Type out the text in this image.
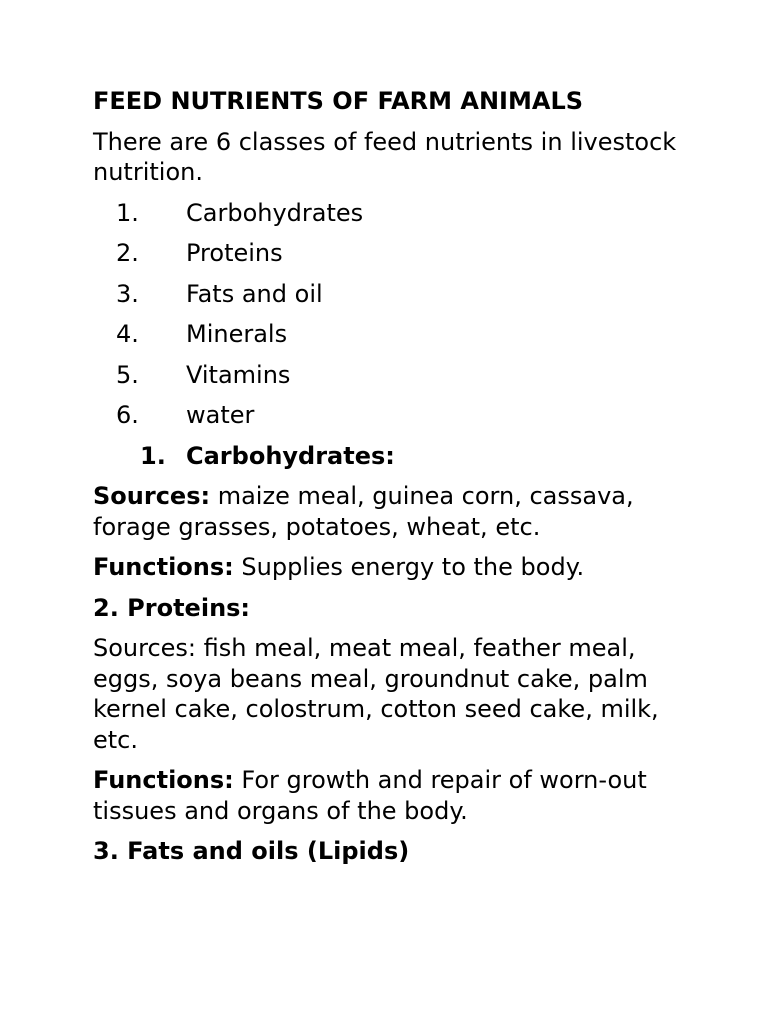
FEED NUTRIENTS OF FARM ANIMALS

There are 6 classes of feed nutrients in livestock nutrition.

1.	Carbohydrates
2.	Proteins
3.	Fats and oil
4.	Minerals
5.	Vitamins
6.	water
1. Carbohydrates:

Sources: maize meal, guinea corn, cassava, forage grasses, potatoes, wheat, etc.

Functions: Supplies energy to the body.

2. Proteins:

Sources: fish meal, meat meal, feather meal, eggs, soya beans meal, groundnut cake, palm kernel cake, colostrum, cotton seed cake, milk, etc.

Functions: For growth and repair of worn-out tissues and organs of the body.

3. Fats and oils (Lipids)
